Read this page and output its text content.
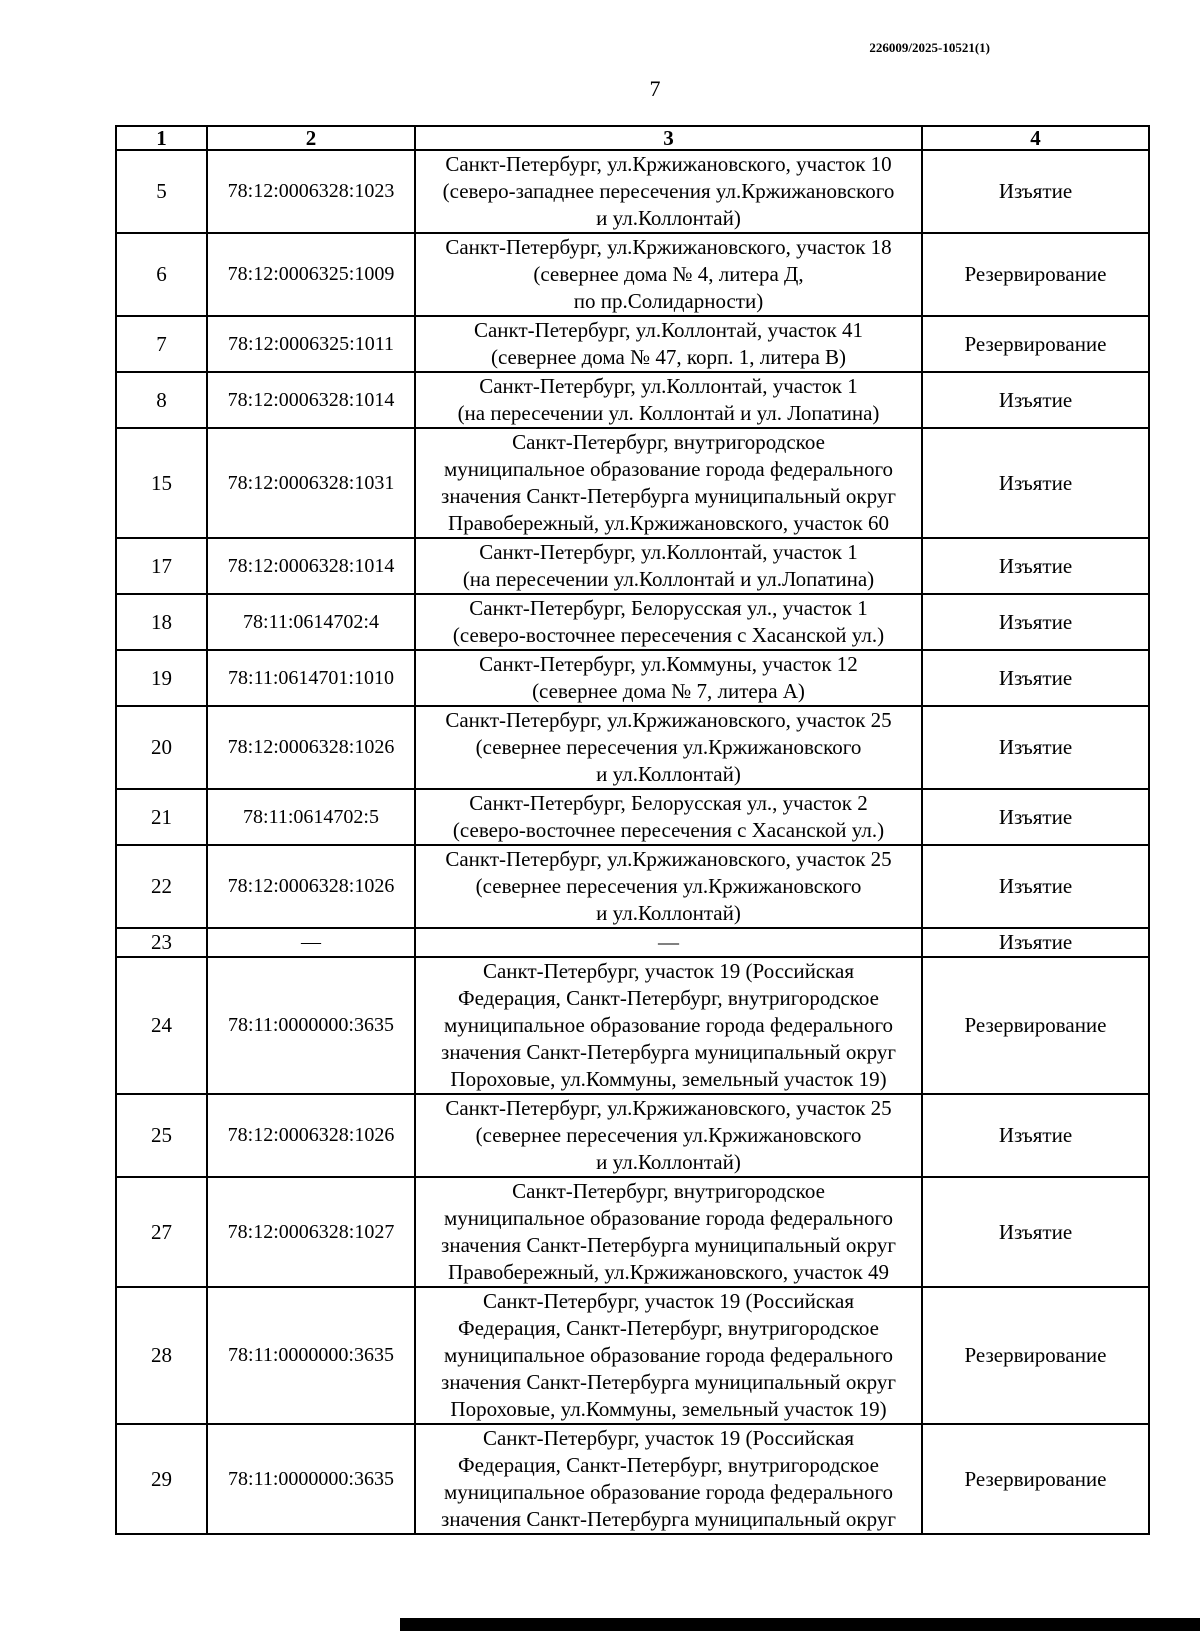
226009/2025-10521(1)
7
1	2	3	4
5	78:12:0006328:1023	Санкт-Петербург, ул.Кржижановского, участок 10
(северо-западнее пересечения ул.Кржижановского
и ул.Коллонтай)	Изъятие
6	78:12:0006325:1009	Санкт-Петербург, ул.Кржижановского, участок 18
(севернее дома № 4, литера Д,
по пр.Солидарности)	Резервирование
7	78:12:0006325:1011	Санкт-Петербург, ул.Коллонтай, участок 41
(севернее дома № 47, корп. 1, литера В)	Резервирование
8	78:12:0006328:1014	Санкт-Петербург, ул.Коллонтай, участок 1
(на пересечении ул. Коллонтай и ул. Лопатина)	Изъятие
15	78:12:0006328:1031	Санкт-Петербург, внутригородское
муниципальное образование города федерального
значения Санкт-Петербурга муниципальный округ
Правобережный, ул.Кржижановского, участок 60	Изъятие
17	78:12:0006328:1014	Санкт-Петербург, ул.Коллонтай, участок 1
(на пересечении ул.Коллонтай и ул.Лопатина)	Изъятие
18	78:11:0614702:4	Санкт-Петербург, Белорусская ул., участок 1
(северо-восточнее пересечения с Хасанской ул.)	Изъятие
19	78:11:0614701:1010	Санкт-Петербург, ул.Коммуны, участок 12
(севернее дома № 7, литера А)	Изъятие
20	78:12:0006328:1026	Санкт-Петербург, ул.Кржижановского, участок 25
(севернее пересечения ул.Кржижановского
и ул.Коллонтай)	Изъятие
21	78:11:0614702:5	Санкт-Петербург, Белорусская ул., участок 2
(северо-восточнее пересечения с Хасанской ул.)	Изъятие
22	78:12:0006328:1026	Санкт-Петербург, ул.Кржижановского, участок 25
(севернее пересечения ул.Кржижановского
и ул.Коллонтай)	Изъятие
23	—	—	Изъятие
24	78:11:0000000:3635	Санкт-Петербург, участок 19 (Российская
Федерация, Санкт-Петербург, внутригородское
муниципальное образование города федерального
значения Санкт-Петербурга муниципальный округ
Пороховые, ул.Коммуны, земельный участок 19)	Резервирование
25	78:12:0006328:1026	Санкт-Петербург, ул.Кржижановского, участок 25
(севернее пересечения ул.Кржижановского
и ул.Коллонтай)	Изъятие
27	78:12:0006328:1027	Санкт-Петербург, внутригородское
муниципальное образование города федерального
значения Санкт-Петербурга муниципальный округ
Правобережный, ул.Кржижановского, участок 49	Изъятие
28	78:11:0000000:3635	Санкт-Петербург, участок 19 (Российская
Федерация, Санкт-Петербург, внутригородское
муниципальное образование города федерального
значения Санкт-Петербурга муниципальный округ
Пороховые, ул.Коммуны, земельный участок 19)	Резервирование
29	78:11:0000000:3635	Санкт-Петербург, участок 19 (Российская
Федерация, Санкт-Петербург, внутригородское
муниципальное образование города федерального
значения Санкт-Петербурга муниципальный округ	Резервирование
